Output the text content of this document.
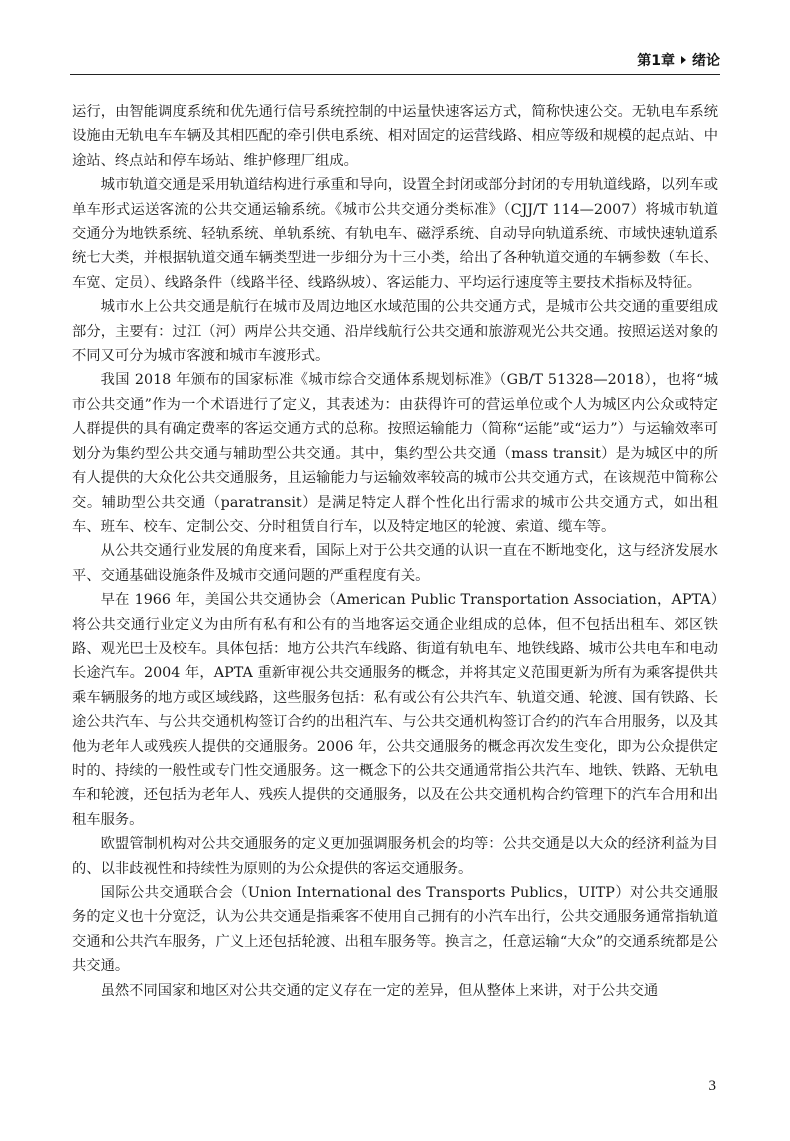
第1章 绪论

运行，由智能调度系统和优先通行信号系统控制的中运量快速客运方式，简称快速公交。无轨电车系统设施由无轨电车车辆及其相匹配的牵引供电系统、相对固定的运营线路、相应等级和规模的起点站、中途站、终点站和停车场站、维护修理厂组成。

城市轨道交通是采用轨道结构进行承重和导向，设置全封闭或部分封闭的专用轨道线路，以列车或单车形式运送客流的公共交通运输系统。《城市公共交通分类标准》（CJJ/T 114—2007）将城市轨道交通分为地铁系统、轻轨系统、单轨系统、有轨电车、磁浮系统、自动导向轨道系统、市域快速轨道系统七大类，并根据轨道交通车辆类型进一步细分为十三小类，给出了各种轨道交通的车辆参数（车长、车宽、定员）、线路条件（线路半径、线路纵坡）、客运能力、平均运行速度等主要技术指标及特征。

城市水上公共交通是航行在城市及周边地区水域范围的公共交通方式，是城市公共交通的重要组成部分，主要有：过江（河）两岸公共交通、沿岸线航行公共交通和旅游观光公共交通。按照运送对象的不同又可分为城市客渡和城市车渡形式。

我国 2018 年颁布的国家标准《城市综合交通体系规划标准》（GB/T 51328—2018），也将“城市公共交通”作为一个术语进行了定义，其表述为：由获得许可的营运单位或个人为城区内公众或特定人群提供的具有确定费率的客运交通方式的总称。按照运输能力（简称“运能”或“运力”）与运输效率可划分为集约型公共交通与辅助型公共交通。其中，集约型公共交通（mass transit）是为城区中的所有人提供的大众化公共交通服务，且运输能力与运输效率较高的城市公共交通方式，在该规范中简称公交。辅助型公共交通（paratransit）是满足特定人群个性化出行需求的城市公共交通方式，如出租车、班车、校车、定制公交、分时租赁自行车，以及特定地区的轮渡、索道、缆车等。

从公共交通行业发展的角度来看，国际上对于公共交通的认识一直在不断地变化，这与经济发展水平、交通基础设施条件及城市交通问题的严重程度有关。

早在 1966 年，美国公共交通协会（American Public Transportation Association，APTA）将公共交通行业定义为由所有私有和公有的当地客运交通企业组成的总体，但不包括出租车、郊区铁路、观光巴士及校车。具体包括：地方公共汽车线路、街道有轨电车、地铁线路、城市公共电车和电动长途汽车。2004 年，APTA 重新审视公共交通服务的概念，并将其定义范围更新为所有为乘客提供共乘车辆服务的地方或区域线路，这些服务包括：私有或公有公共汽车、轨道交通、轮渡、国有铁路、长途公共汽车、与公共交通机构签订合约的出租汽车、与公共交通机构签订合约的汽车合用服务，以及其他为老年人或残疾人提供的交通服务。2006 年，公共交通服务的概念再次发生变化，即为公众提供定时的、持续的一般性或专门性交通服务。这一概念下的公共交通通常指公共汽车、地铁、铁路、无轨电车和轮渡，还包括为老年人、残疾人提供的交通服务，以及在公共交通机构合约管理下的汽车合用和出租车服务。

欧盟管制机构对公共交通服务的定义更加强调服务机会的均等：公共交通是以大众的经济利益为目的、以非歧视性和持续性为原则的为公众提供的客运交通服务。

国际公共交通联合会（Union International des Transports Publics，UITP）对公共交通服务的定义也十分宽泛，认为公共交通是指乘客不使用自己拥有的小汽车出行，公共交通服务通常指轨道交通和公共汽车服务，广义上还包括轮渡、出租车服务等。换言之，任意运输“大众”的交通系统都是公共交通。

虽然不同国家和地区对公共交通的定义存在一定的差异，但从整体上来讲，对于公共交通

3
